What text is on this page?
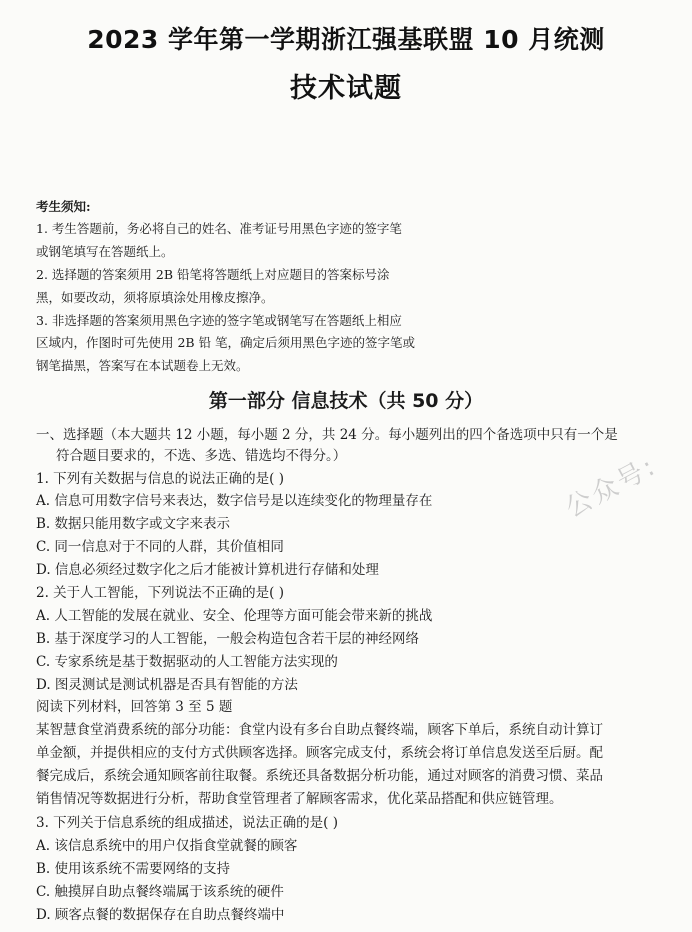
2023 学年第一学期浙江强基联盟 10 月统测
技术试题
考生须知:
1. 考生答题前，务必将自己的姓名、准考证号用黑色字迹的签字笔
或钢笔填写在答题纸上。
2. 选择题的答案须用 2B 铅笔将答题纸上对应题目的答案标号涂
黑，如要改动，须将原填涂处用橡皮擦净。
3. 非选择题的答案须用黑色字迹的签字笔或钢笔写在答题纸上相应
区域内，作图时可先使用 2B 铅 笔，确定后须用黑色字迹的签字笔或
钢笔描黑，答案写在本试题卷上无效。
第一部分 信息技术（共 50 分）
一、选择题（本大题共 12 小题，每小题 2 分，共 24 分。每小题列出的四个备选项中只有一个是
符合题目要求的，不选、多选、错选均不得分。）
1. 下列有关数据与信息的说法正确的是( )
A. 信息可用数字信号来表达，数字信号是以连续变化的物理量存在
B. 数据只能用数字或文字来表示
C. 同一信息对于不同的人群，其价值相同
D. 信息必须经过数字化之后才能被计算机进行存储和处理
2. 关于人工智能，下列说法不正确的是( )
A. 人工智能的发展在就业、安全、伦理等方面可能会带来新的挑战
B. 基于深度学习的人工智能，一般会构造包含若干层的神经网络
C. 专家系统是基于数据驱动的人工智能方法实现的
D. 图灵测试是测试机器是否具有智能的方法
阅读下列材料，回答第 3 至 5 题
某智慧食堂消费系统的部分功能：食堂内设有多台自助点餐终端，顾客下单后，系统自动计算订
单金额，并提供相应的支付方式供顾客选择。顾客完成支付，系统会将订单信息发送至后厨。配
餐完成后，系统会通知顾客前往取餐。系统还具备数据分析功能，通过对顾客的消费习惯、菜品
销售情况等数据进行分析，帮助食堂管理者了解顾客需求，优化菜品搭配和供应链管理。
3. 下列关于信息系统的组成描述，说法正确的是( )
A. 该信息系统中的用户仅指食堂就餐的顾客
B. 使用该系统不需要网络的支持
C. 触摸屏自助点餐终端属于该系统的硬件
D. 顾客点餐的数据保存在自助点餐终端中
公众号:
